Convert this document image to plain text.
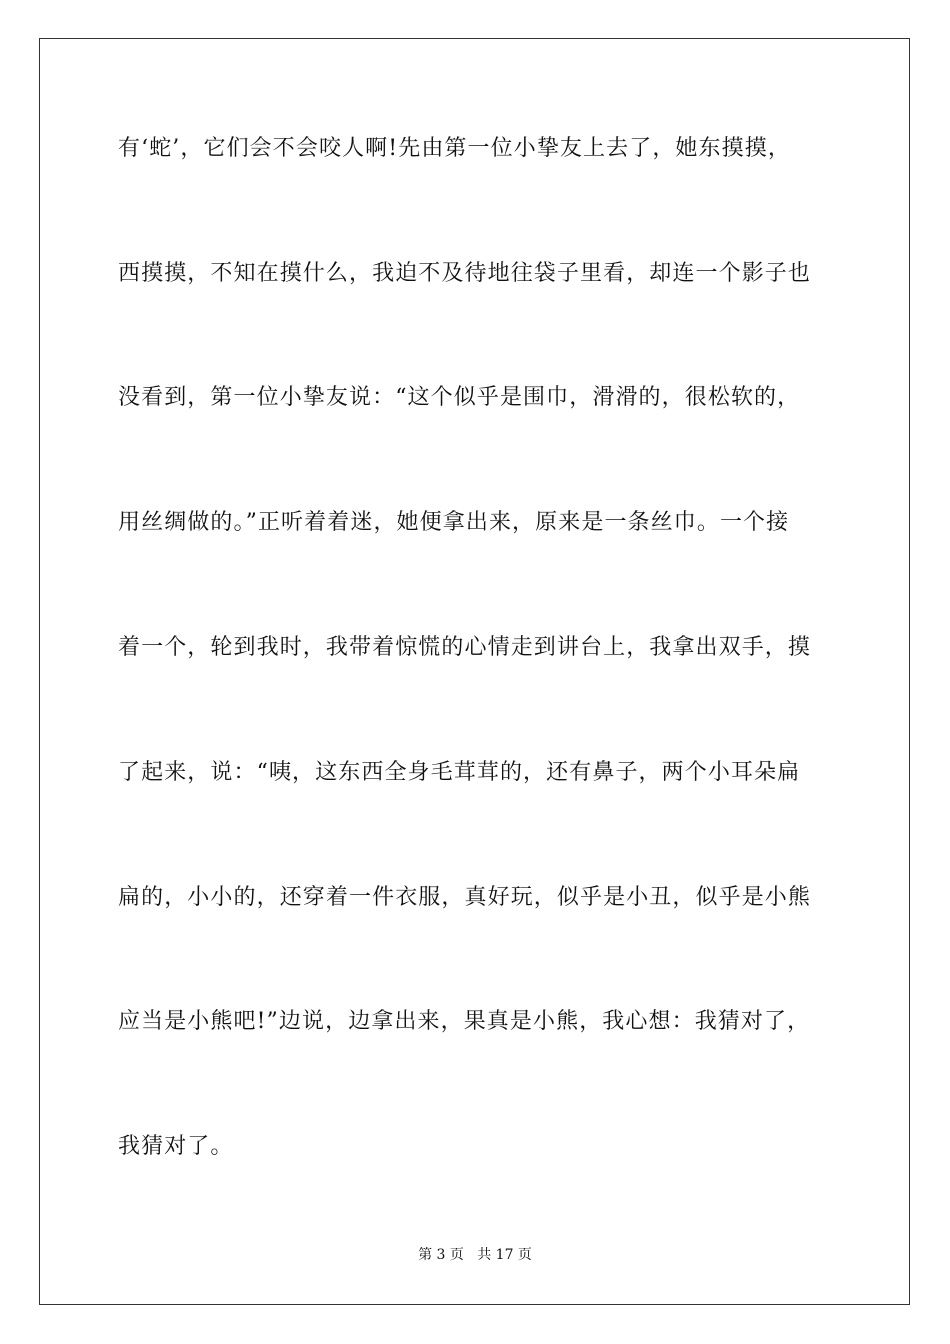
有‘蛇’，它们会不会咬人啊!先由第一位小挚友上去了，她东摸摸，
西摸摸，不知在摸什么，我迫不及待地往袋子里看，却连一个影子也
没看到，第一位小挚友说：“这个似乎是围巾，滑滑的，很松软的，
用丝绸做的。”正听着着迷，她便拿出来，原来是一条丝巾。一个接
着一个，轮到我时，我带着惊慌的心情走到讲台上，我拿出双手，摸
了起来，说：“咦，这东西全身毛茸茸的，还有鼻子，两个小耳朵扁
扁的，小小的，还穿着一件衣服，真好玩，似乎是小丑，似乎是小熊
应当是小熊吧!”边说，边拿出来，果真是小熊，我心想：我猜对了，
我猜对了。
第 3 页   共 17 页
